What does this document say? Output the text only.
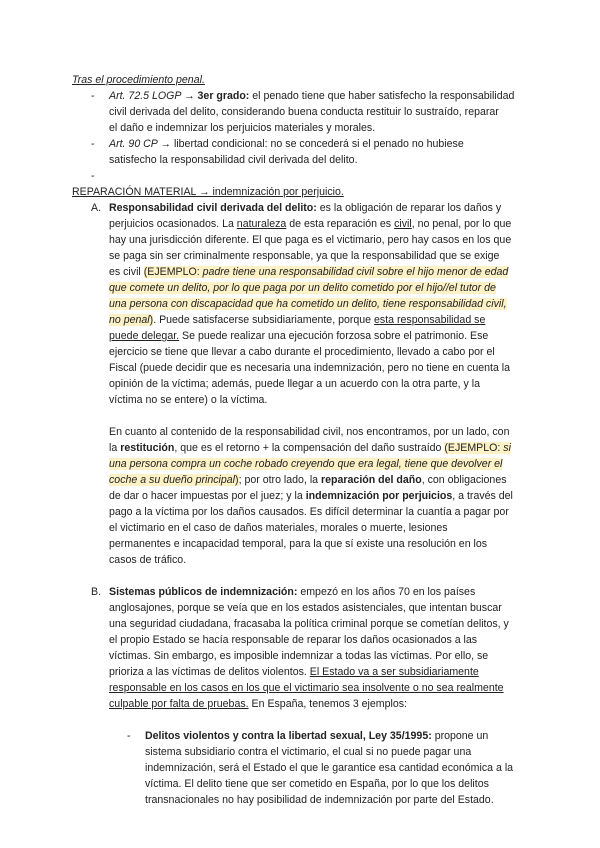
Tras el procedimiento penal.
- Art. 72.5 LOGP → 3er grado: el penado tiene que haber satisfecho la responsabilidad
civil derivada del delito, considerando buena conducta restituir lo sustraído, reparar
el daño e indemnizar los perjuicios materiales y morales.
- Art. 90 CP → libertad condicional: no se concederá si el penado no hubiese
satisfecho la responsabilidad civil derivada del delito.
-
REPARACIÓN MATERIAL → indemnización por perjuicio.
A. Responsabilidad civil derivada del delito: es la obligación de reparar los daños y
perjuicios ocasionados. La naturaleza de esta reparación es civil, no penal, por lo que
hay una jurisdicción diferente. El que paga es el victimario, pero hay casos en los que
se paga sin ser criminalmente responsable, ya que la responsabilidad que se exige
es civil (EJEMPLO: padre tiene una responsabilidad civil sobre el hijo menor de edad
que comete un delito, por lo que paga por un delito cometido por el hijo//el tutor de
una persona con discapacidad que ha cometido un delito, tiene responsabilidad civil,
no penal). Puede satisfacerse subsidiariamente, porque esta responsabilidad se
puede delegar. Se puede realizar una ejecución forzosa sobre el patrimonio. Ese
ejercicio se tiene que llevar a cabo durante el procedimiento, llevado a cabo por el
Fiscal (puede decidir que es necesaria una indemnización, pero no tiene en cuenta la
opinión de la víctima; además, puede llegar a un acuerdo con la otra parte, y la
víctima no se entere) o la víctima.
En cuanto al contenido de la responsabilidad civil, nos encontramos, por un lado, con
la restitución, que es el retorno + la compensación del daño sustraído (EJEMPLO: si
una persona compra un coche robado creyendo que era legal, tiene que devolver el
coche a su dueño principal); por otro lado, la reparación del daño, con obligaciones
de dar o hacer impuestas por el juez; y la indemnización por perjuicios, a través del
pago a la víctima por los daños causados. Es difícil determinar la cuantía a pagar por
el victimario en el caso de daños materiales, morales o muerte, lesiones
permanentes e incapacidad temporal, para la que sí existe una resolución en los
casos de tráfico.
B. Sistemas públicos de indemnización: empezó en los años 70 en los países
anglosajones, porque se veía que en los estados asistenciales, que intentan buscar
una seguridad ciudadana, fracasaba la política criminal porque se cometían delitos, y
el propio Estado se hacía responsable de reparar los daños ocasionados a las
víctimas. Sin embargo, es imposible indemnizar a todas las víctimas. Por ello, se
prioriza a las víctimas de delitos violentos. El Estado va a ser subsidiariamente
responsable en los casos en los que el victimario sea insolvente o no sea realmente
culpable por falta de pruebas. En España, tenemos 3 ejemplos:
- Delitos violentos y contra la libertad sexual, Ley 35/1995: propone un
sistema subsidiario contra el victimario, el cual si no puede pagar una
indemnización, será el Estado el que le garantice esa cantidad económica a la
víctima. El delito tiene que ser cometido en España, por lo que los delitos
transnacionales no hay posibilidad de indemnización por parte del Estado.
